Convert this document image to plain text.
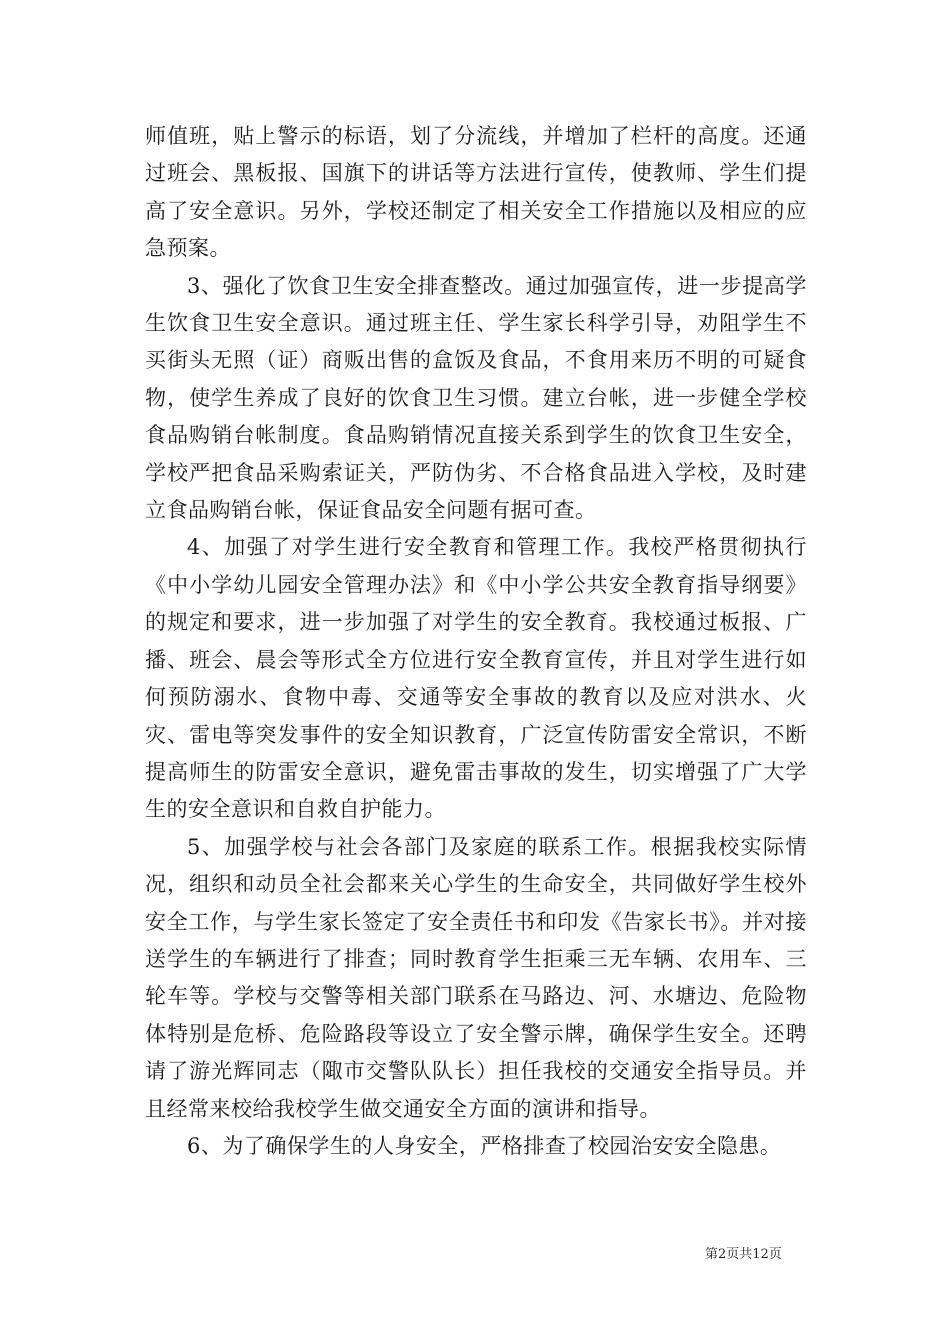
师值班，贴上警示的标语，划了分流线，并增加了栏杆的高度。还通过班会、黑板报、国旗下的讲话等方法进行宣传，使教师、学生们提高了安全意识。另外，学校还制定了相关安全工作措施以及相应的应急预案。

3、强化了饮食卫生安全排查整改。通过加强宣传，进一步提高学生饮食卫生安全意识。通过班主任、学生家长科学引导，劝阻学生不买街头无照（证）商贩出售的盒饭及食品，不食用来历不明的可疑食物，使学生养成了良好的饮食卫生习惯。建立台帐，进一步健全学校食品购销台帐制度。食品购销情况直接关系到学生的饮食卫生安全，学校严把食品采购索证关，严防伪劣、不合格食品进入学校，及时建立食品购销台帐，保证食品安全问题有据可查。

4、加强了对学生进行安全教育和管理工作。我校严格贯彻执行《中小学幼儿园安全管理办法》和《中小学公共安全教育指导纲要》的规定和要求，进一步加强了对学生的安全教育。我校通过板报、广播、班会、晨会等形式全方位进行安全教育宣传，并且对学生进行如何预防溺水、食物中毒、交通等安全事故的教育以及应对洪水、火灾、雷电等突发事件的安全知识教育，广泛宣传防雷安全常识，不断提高师生的防雷安全意识，避免雷击事故的发生，切实增强了广大学生的安全意识和自救自护能力。

5、加强学校与社会各部门及家庭的联系工作。根据我校实际情况，组织和动员全社会都来关心学生的生命安全，共同做好学生校外安全工作，与学生家长签定了安全责任书和印发《告家长书》。并对接送学生的车辆进行了排查；同时教育学生拒乘三无车辆、农用车、三轮车等。学校与交警等相关部门联系在马路边、河、水塘边、危险物体特别是危桥、危险路段等设立了安全警示牌，确保学生安全。还聘请了游光辉同志（陬市交警队队长）担任我校的交通安全指导员。并且经常来校给我校学生做交通安全方面的演讲和指导。

6、为了确保学生的人身安全，严格排查了校园治安安全隐患。

第2页共12页
